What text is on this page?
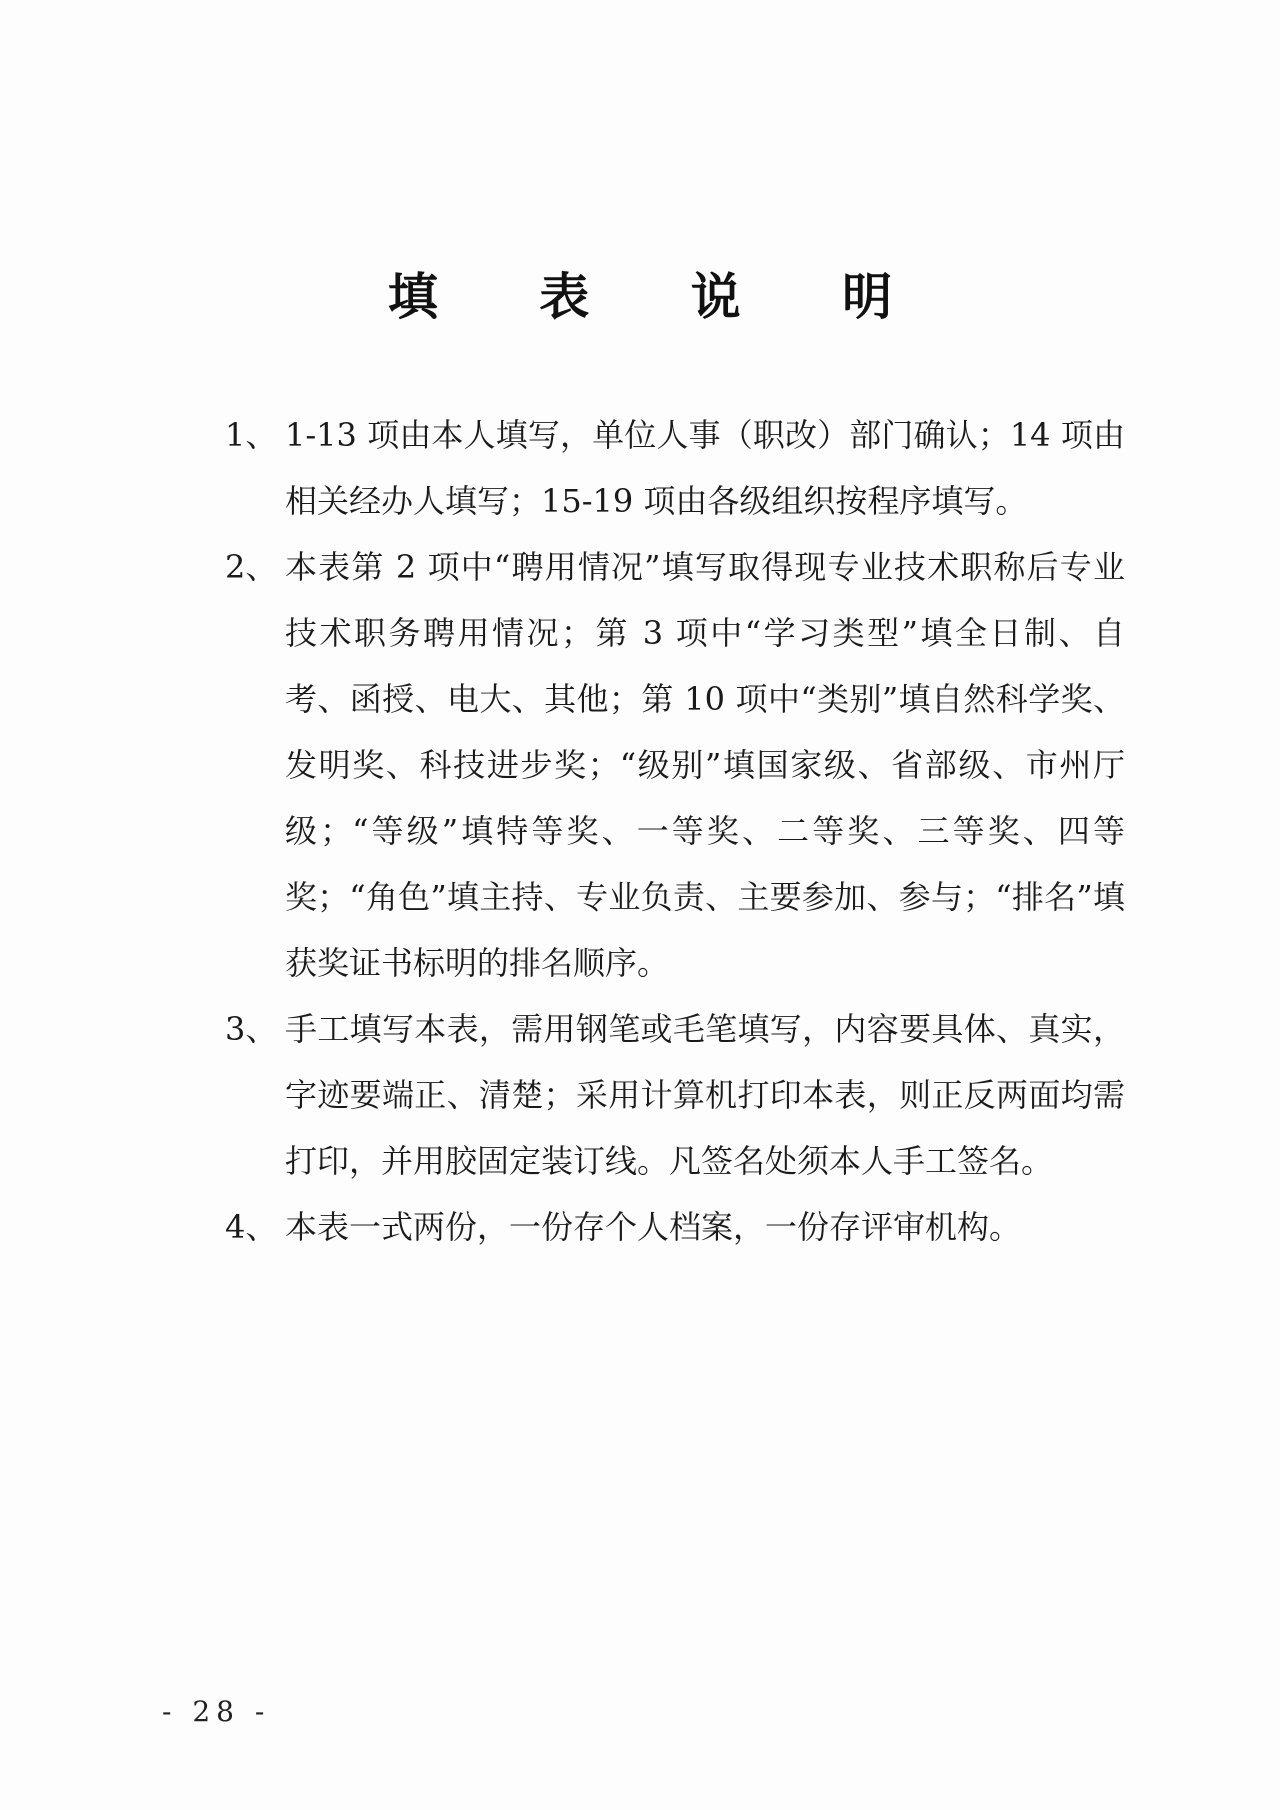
填 表 说 明
1、 1-13 项由本人填写，单位人事（职改）部门确认；14 项由相关经办人填写；15-19 项由各级组织按程序填写。
2、 本表第 2 项中“聘用情况”填写取得现专业技术职称后专业技术职务聘用情况；第 3 项中“学习类型”填全日制、自考、函授、电大、其他；第 10 项中“类别”填自然科学奖、发明奖、科技进步奖；“级别”填国家级、省部级、市州厅级；“等级”填特等奖、一等奖、二等奖、三等奖、四等奖；“角色”填主持、专业负责、主要参加、参与；“排名”填获奖证书标明的排名顺序。
3、 手工填写本表，需用钢笔或毛笔填写，内容要具体、真实，字迹要端正、清楚；采用计算机打印本表，则正反两面均需打印，并用胶固定装订线。凡签名处须本人手工签名。
4、 本表一式两份，一份存个人档案，一份存评审机构。
- 28 -
